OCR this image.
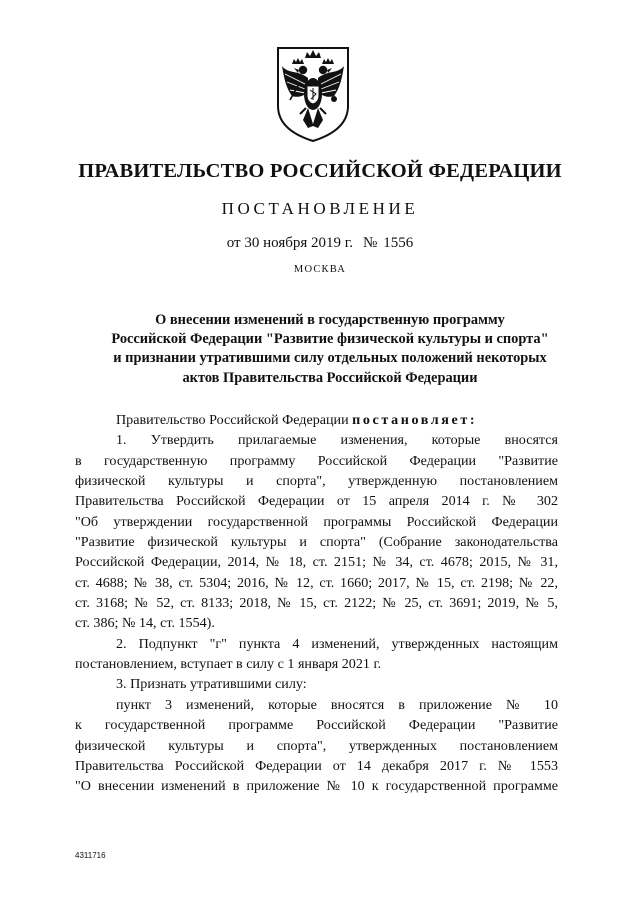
ПРАВИТЕЛЬСТВО РОССИЙСКОЙ ФЕДЕРАЦИИ
ПОСТАНОВЛЕНИЕ
от 30 ноября 2019 г. № 1556
МОСКВА
О внесении изменений в государственную программу
Российской Федерации "Развитие физической культуры и спорта"
и признании утратившими силу отдельных положений некоторых
актов Правительства Российской Федерации
Правительство Российской Федерации постановляет:
1. Утвердить прилагаемые изменения, которые вносятся
в государственную программу Российской Федерации "Развитие
физической культуры и спорта", утвержденную постановлением
Правительства Российской Федерации от 15 апреля 2014 г. № 302
"Об утверждении государственной программы Российской Федерации
"Развитие физической культуры и спорта" (Собрание законодательства
Российской Федерации, 2014, № 18, ст. 2151; № 34, ст. 4678; 2015, № 31,
ст. 4688; № 38, ст. 5304; 2016, № 12, ст. 1660; 2017, № 15, ст. 2198; № 22,
ст. 3168; № 52, ст. 8133; 2018, № 15, ст. 2122; № 25, ст. 3691; 2019, № 5,
ст. 386; № 14, ст. 1554).
2. Подпункт "г" пункта 4 изменений, утвержденных настоящим
постановлением, вступает в силу с 1 января 2021 г.
3. Признать утратившими силу:
пункт 3 изменений, которые вносятся в приложение № 10
к государственной программе Российской Федерации "Развитие
физической культуры и спорта", утвержденных постановлением
Правительства Российской Федерации от 14 декабря 2017 г. № 1553
"О внесении изменений в приложение № 10 к государственной программе
4311716
